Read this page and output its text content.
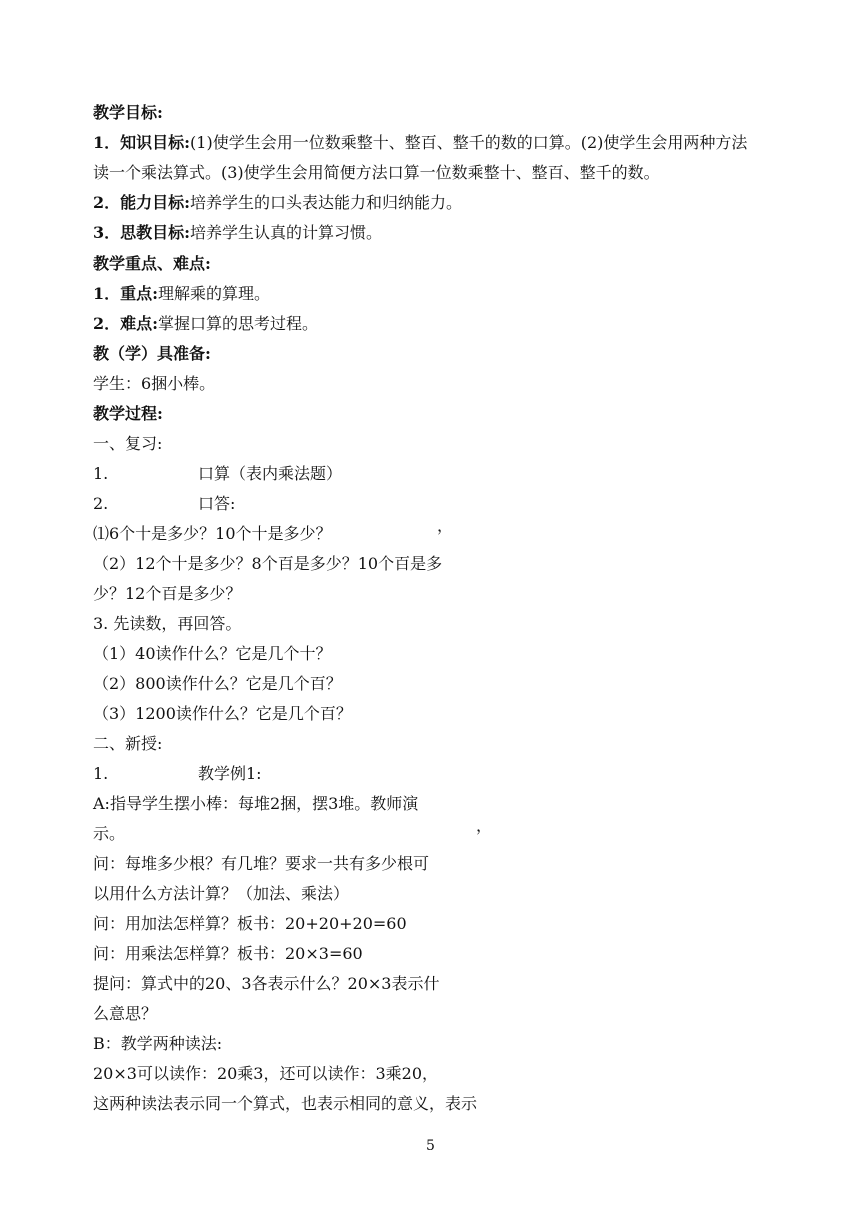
教学目标:
1．知识目标:(1)使学生会用一位数乘整十、整百、整千的数的口算。(2)使学生会用两种方法
读一个乘法算式。(3)使学生会用简便方法口算一位数乘整十、整百、整千的数。
2．能力目标:培养学生的口头表达能力和归纳能力。
3．思教目标:培养学生认真的计算习惯。
教学重点、难点:
1．重点:理解乘的算理。
2．难点:掌握口算的思考过程。
教（学）具准备:
学生：6捆小棒。
教学过程:
一、复习:
1.	口算（表内乘法题）
2.	口答:
⑴6个十是多少？10个十是多少？	，
（2）12个十是多少？8个百是多少？10个百是多
少？12个百是多少？
3. 先读数，再回答。
（1）40读作什么？它是几个十？
（2）800读作什么？它是几个百？
（3）1200读作什么？它是几个百？
二、新授:
1.	教学例1:
A:指导学生摆小棒：每堆2捆，摆3堆。教师演
示。	，
问：每堆多少根？有几堆？要求一共有多少根可
以用什么方法计算？（加法、乘法）
问：用加法怎样算？板书：20+20+20=60
问：用乘法怎样算？板书：20×3=60
提问：算式中的20、3各表示什么？20×3表示什
么意思？
B：教学两种读法:
20×3可以读作：20乘3，还可以读作：3乘20，
这两种读法表示同一个算式，也表示相同的意义，表示
5
